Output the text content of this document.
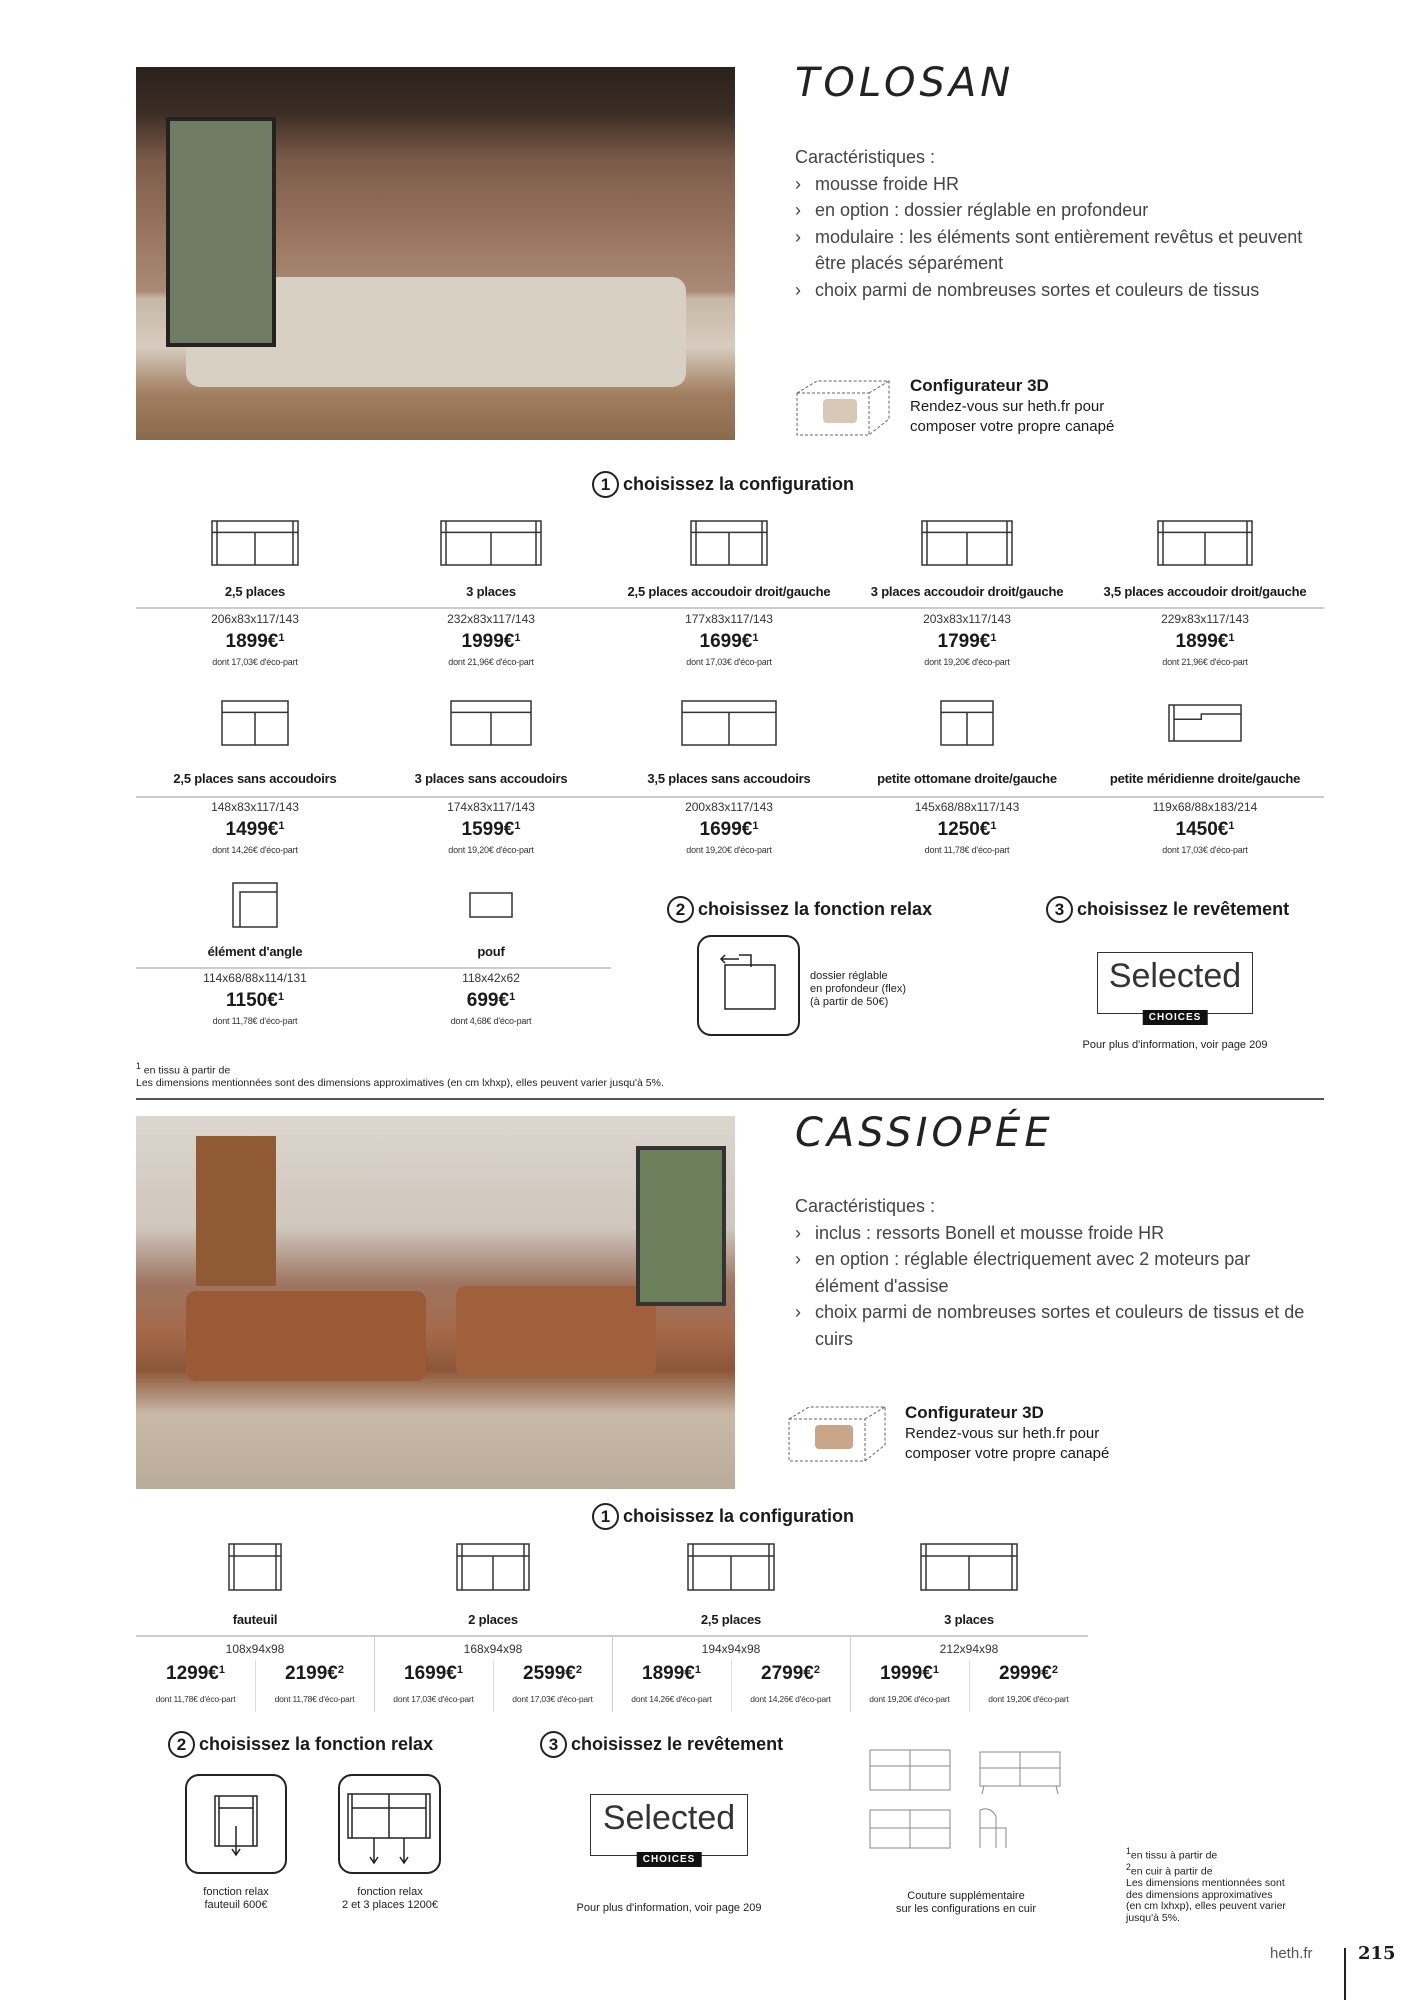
TOLOSAN
Caractéristiques :
› mousse froide HR
› en option : dossier réglable en profondeur
› modulaire : les éléments sont entièrement revêtus et peuvent être placés séparément
› choix parmi de nombreuses sortes et couleurs de tissus
Configurateur 3D
Rendez-vous sur heth.fr pour
composer votre propre canapé
1 choisissez la configuration
2,5 places
206x83x117/143
1899€$^1$
dont 17,03€ d'éco-part
3 places
232x83x117/143
1999€$^1$
dont 21,96€ d'éco-part
2,5 places accoudoir droit/gauche
177x83x117/143
1699€$^1$
dont 17,03€ d'éco-part
3 places accoudoir droit/gauche
203x83x117/143
1799€$^1$
dont 19,20€ d'éco-part
3,5 places accoudoir droit/gauche
229x83x117/143
1899€$^1$
dont 21,96€ d'éco-part
2,5 places sans accoudoirs
148x83x117/143
1499€$^1$
dont 14,26€ d'éco-part
3 places sans accoudoirs
174x83x117/143
1599€$^1$
dont 19,20€ d'éco-part
3,5 places sans accoudoirs
200x83x117/143
1699€$^1$
dont 19,20€ d'éco-part
petite ottomane droite/gauche
145x68/88x117/143
1250€$^1$
dont 11,78€ d'éco-part
petite méridienne droite/gauche
119x68/88x183/214
1450€$^1$
dont 17,03€ d'éco-part
élément d'angle
114x68/88x114/131
1150€$^1$
dont 11,78€ d'éco-part
pouf
118x42x62
699€$^1$
dont 4,68€ d'éco-part
2 choisissez la fonction relax
dossier réglable
en profondeur (flex)
(à partir de 50€)
3 choisissez le revêtement
Selected
CHOICES
Pour plus d'information, voir page 209
$^1$ en tissu à partir de
Les dimensions mentionnées sont des dimensions approximatives (en cm lxhxp), elles peuvent varier jusqu'à 5%.
CASSIOPÉE
Caractéristiques :
› inclus : ressorts Bonell et mousse froide HR
› en option : réglable électriquement avec 2 moteurs par élément d'assise
› choix parmi de nombreuses sortes et couleurs de tissus et de cuirs
Configurateur 3D
Rendez-vous sur heth.fr pour
composer votre propre canapé
1 choisissez la configuration
fauteuil
108x94x98
1299€$^1$
dont 11,78€ d'éco-part
2199€$^2$
dont 11,78€ d'éco-part
2 places
168x94x98
1699€$^1$
dont 17,03€ d'éco-part
2599€$^2$
dont 17,03€ d'éco-part
2,5 places
194x94x98
1899€$^1$
dont 14,26€ d'éco-part
2799€$^2$
dont 14,26€ d'éco-part
3 places
212x94x98
1999€$^1$
dont 19,20€ d'éco-part
2999€$^2$
dont 19,20€ d'éco-part
2 choisissez la fonction relax
fonction relax
fauteuil 600€
fonction relax
2 et 3 places 1200€
3 choisissez le revêtement
Selected
CHOICES
Pour plus d'information, voir page 209
Couture supplémentaire
sur les configurations en cuir
$^1$en tissu à partir de
$^2$en cuir à partir de
Les dimensions mentionnées sont
des dimensions approximatives
(en cm lxhxp), elles peuvent varier
jusqu'à 5%.
heth.fr	215
